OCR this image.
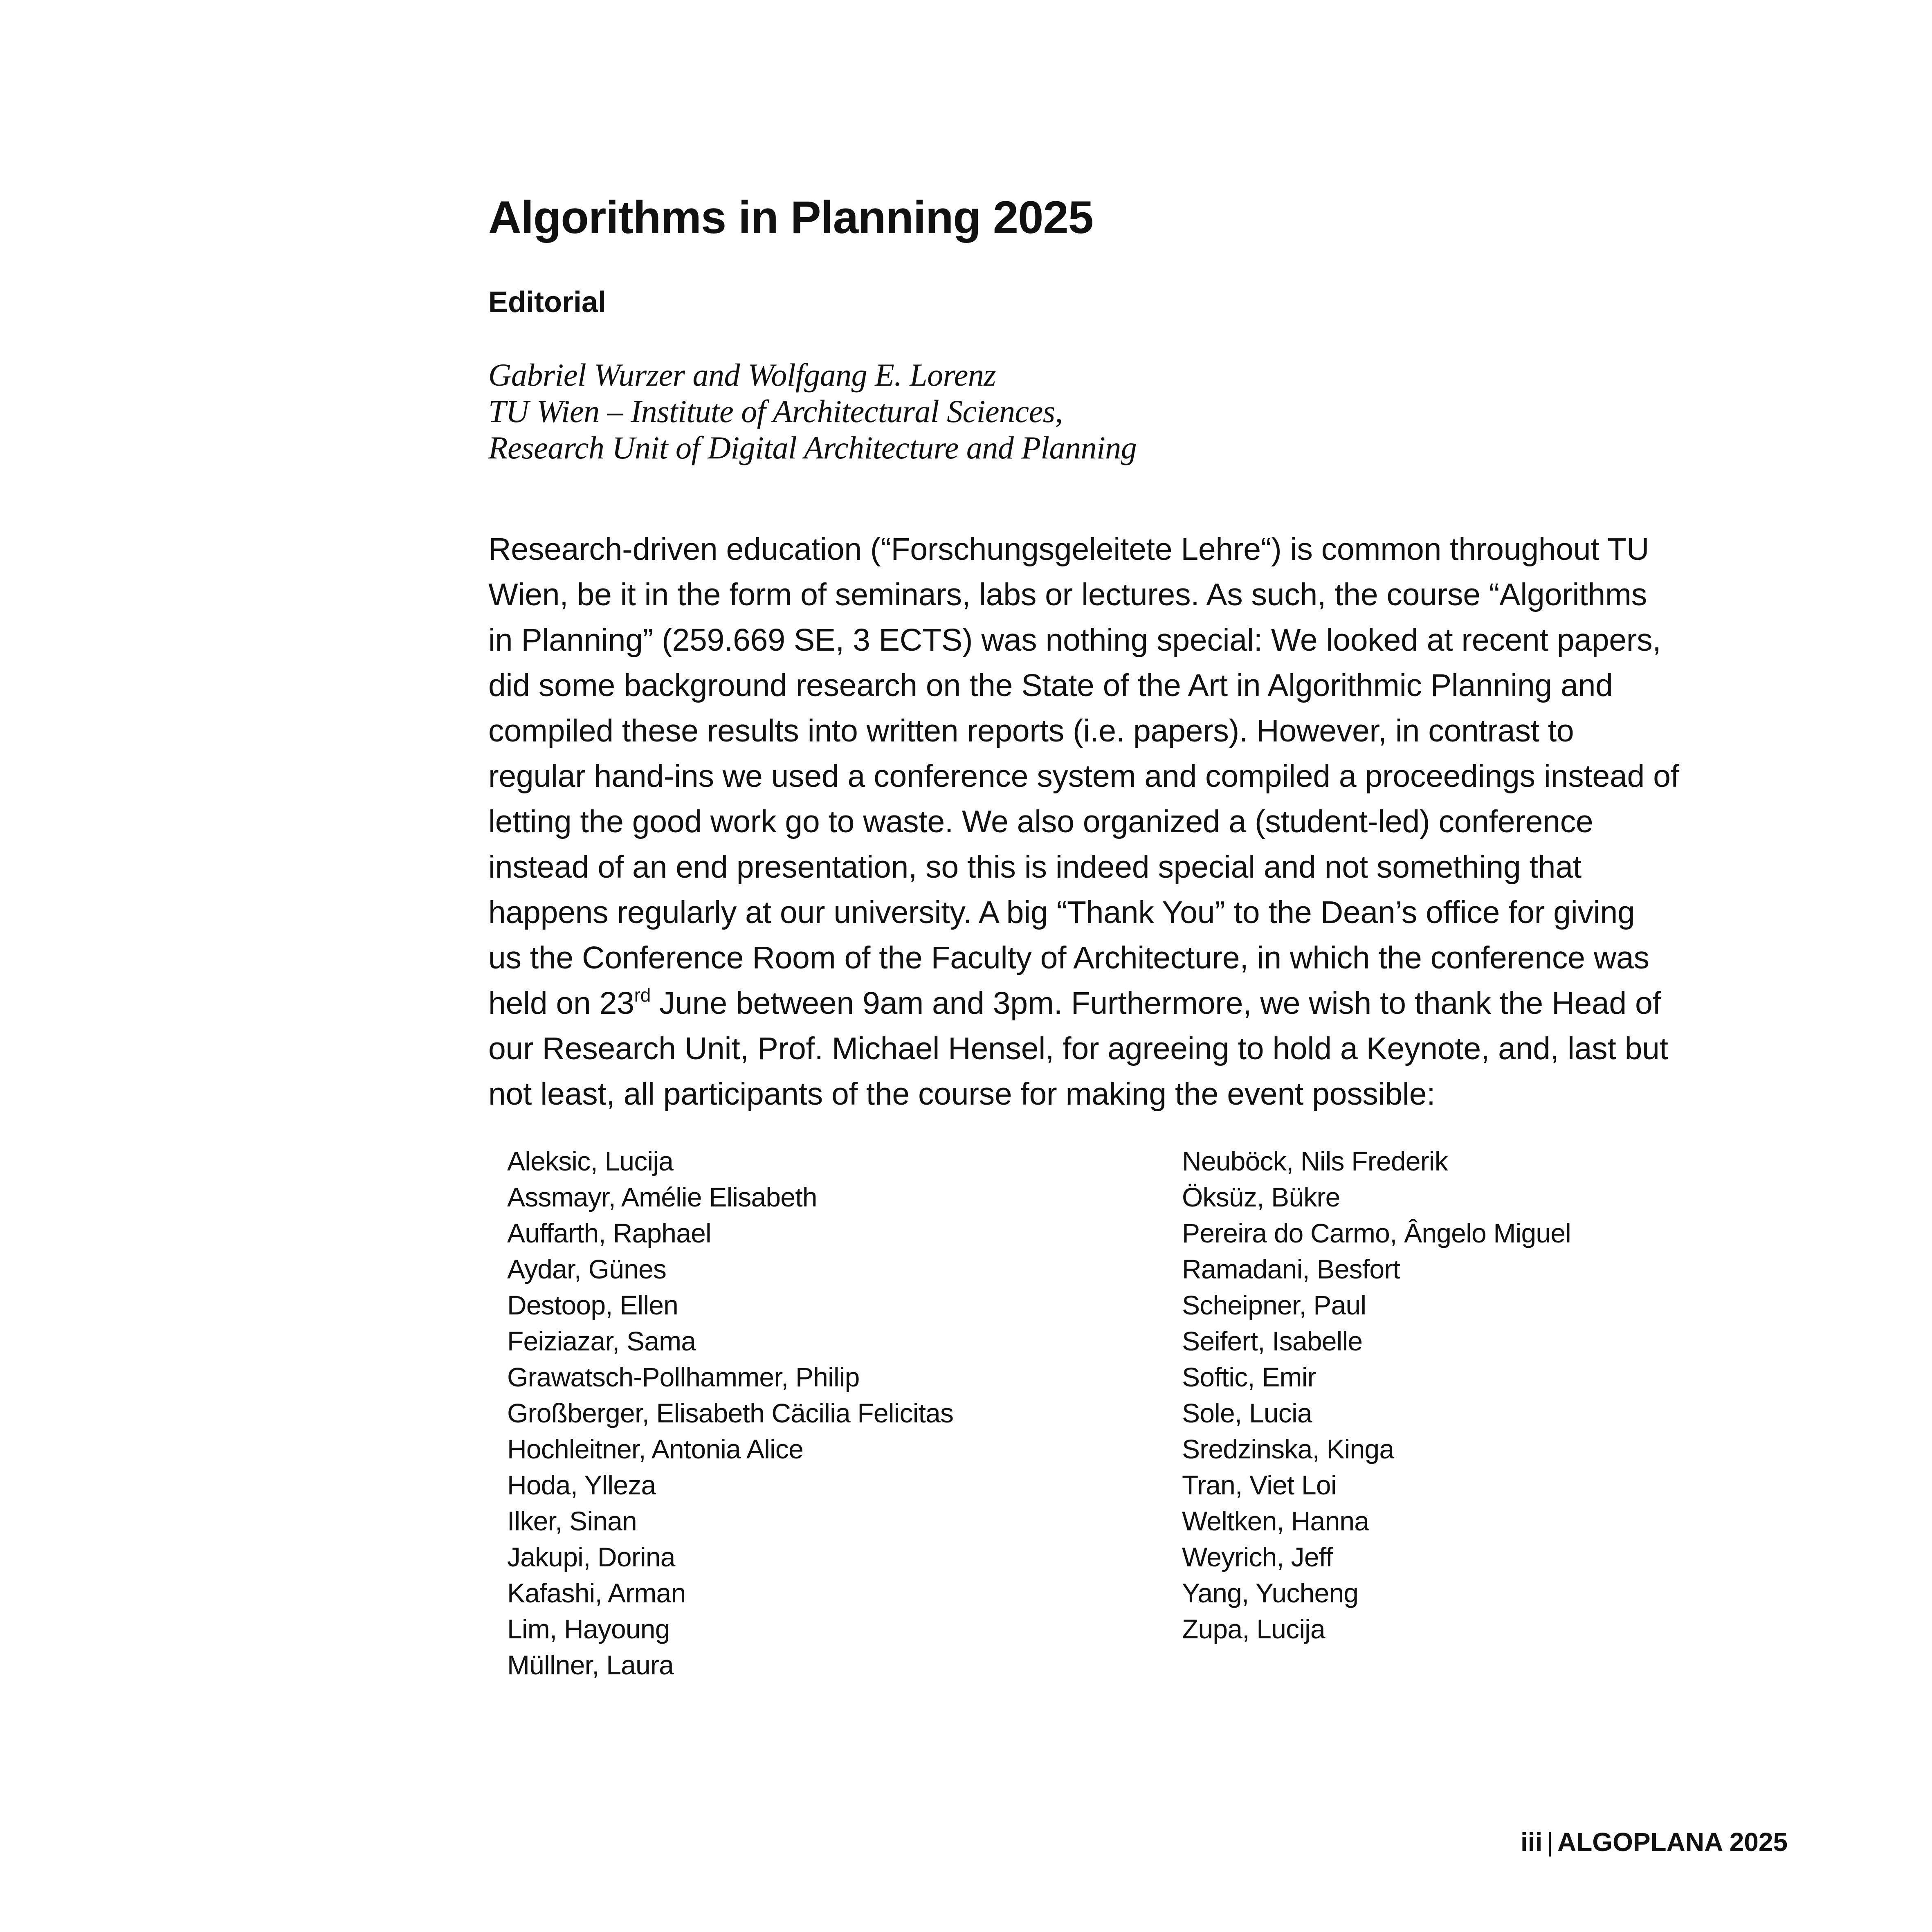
Algorithms in Planning 2025
Editorial
Gabriel Wurzer and Wolfgang E. Lorenz
TU Wien – Institute of Architectural Sciences,
Research Unit of Digital Architecture and Planning
Research-driven education (“Forschungsgeleitete Lehre“) is common throughout TU
Wien, be it in the form of seminars, labs or lectures. As such, the course “Algorithms
in Planning” (259.669 SE, 3 ECTS) was nothing special: We looked at recent papers,
did some background research on the State of the Art in Algorithmic Planning and
compiled these results into written reports (i.e. papers). However, in contrast to
regular hand-ins we used a conference system and compiled a proceedings instead of
letting the good work go to waste. We also organized a (student-led) conference
instead of an end presentation, so this is indeed special and not something that
happens regularly at our university. A big “Thank You” to the Dean’s office for giving
us the Conference Room of the Faculty of Architecture, in which the conference was
held on 23rd June between 9am and 3pm. Furthermore, we wish to thank the Head of
our Research Unit, Prof. Michael Hensel, for agreeing to hold a Keynote, and, last but
not least, all participants of the course for making the event possible:
Aleksic, Lucija
Assmayr, Amélie Elisabeth
Auffarth, Raphael
Aydar, Günes
Destoop, Ellen
Feiziazar, Sama
Grawatsch-Pollhammer, Philip
Großberger, Elisabeth Cäcilia Felicitas
Hochleitner, Antonia Alice
Hoda, Ylleza
Ilker, Sinan
Jakupi, Dorina
Kafashi, Arman
Lim, Hayoung
Müllner, Laura
Neuböck, Nils Frederik
Öksüz, Bükre
Pereira do Carmo, Ângelo Miguel
Ramadani, Besfort
Scheipner, Paul
Seifert, Isabelle
Softic, Emir
Sole, Lucia
Sredzinska, Kinga
Tran, Viet Loi
Weltken, Hanna
Weyrich, Jeff
Yang, Yucheng
Zupa, Lucija
iii | ALGOPLANA 2025
